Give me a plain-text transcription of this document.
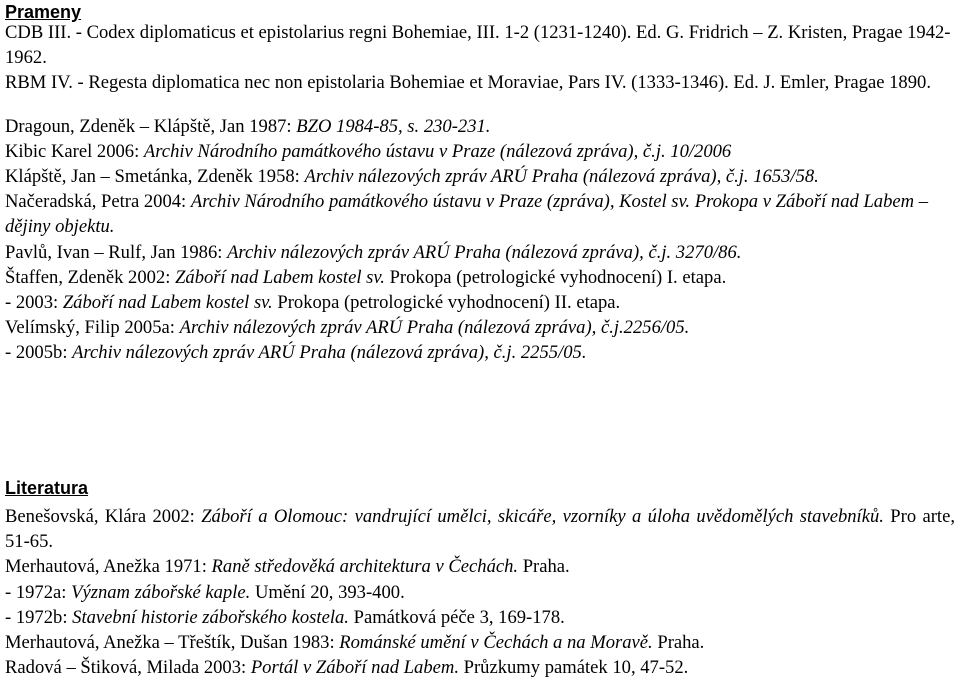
Prameny

CDB III. - Codex diplomaticus et epistolarius regni Bohemiae, III. 1-2 (1231-1240). Ed. G. Fridrich – Z. Kristen, Pragae 1942-1962.

RBM IV. - Regesta diplomatica nec non epistolaria Bohemiae et Moraviae, Pars IV. (1333-1346). Ed. J. Emler, Pragae 1890.

Dragoun, Zdeněk – Klápště, Jan 1987: BZO 1984-85, s. 230-231.

Kibic Karel 2006: Archiv Národního památkového ústavu v Praze (nálezová zpráva), č.j. 10/2006

Klápště, Jan – Smetánka, Zdeněk 1958: Archiv nálezových zpráv ARÚ Praha (nálezová zpráva), č.j. 1653/58.

Načeradská, Petra 2004: Archiv Národního památkového ústavu v Praze (zpráva), Kostel sv. Prokopa v Záboří nad Labem – dějiny objektu.

Pavlů, Ivan – Rulf, Jan 1986: Archiv nálezových zpráv ARÚ Praha (nálezová zpráva), č.j. 3270/86.

Štaffen, Zdeněk 2002: Záboří nad Labem kostel sv. Prokopa (petrologické vyhodnocení) I. etapa.

- 2003: Záboří nad Labem kostel sv. Prokopa (petrologické vyhodnocení) II. etapa.

Velímský, Filip 2005a: Archiv nálezových zpráv ARÚ Praha (nálezová zpráva), č.j.2256/05.

- 2005b: Archiv nálezových zpráv ARÚ Praha (nálezová zpráva), č.j. 2255/05.

Literatura

Benešovská, Klára 2002: Záboří a Olomouc: vandrující umělci, skicáře, vzorníky a úloha uvědomělých stavebníků. Pro arte, 51-65.

Merhautová, Anežka 1971: Raně středověká architektura v Čechách. Praha.

- 1972a: Význam zábořské kaple. Umění 20, 393-400.

- 1972b: Stavební historie zábořského kostela. Památková péče 3, 169-178.

Merhautová, Anežka – Třeštík, Dušan 1983: Románské umění v Čechách a na Moravě. Praha.

Radová – Štiková, Milada 2003: Portál v Záboří nad Labem. Průzkumy památek 10, 47-52.
